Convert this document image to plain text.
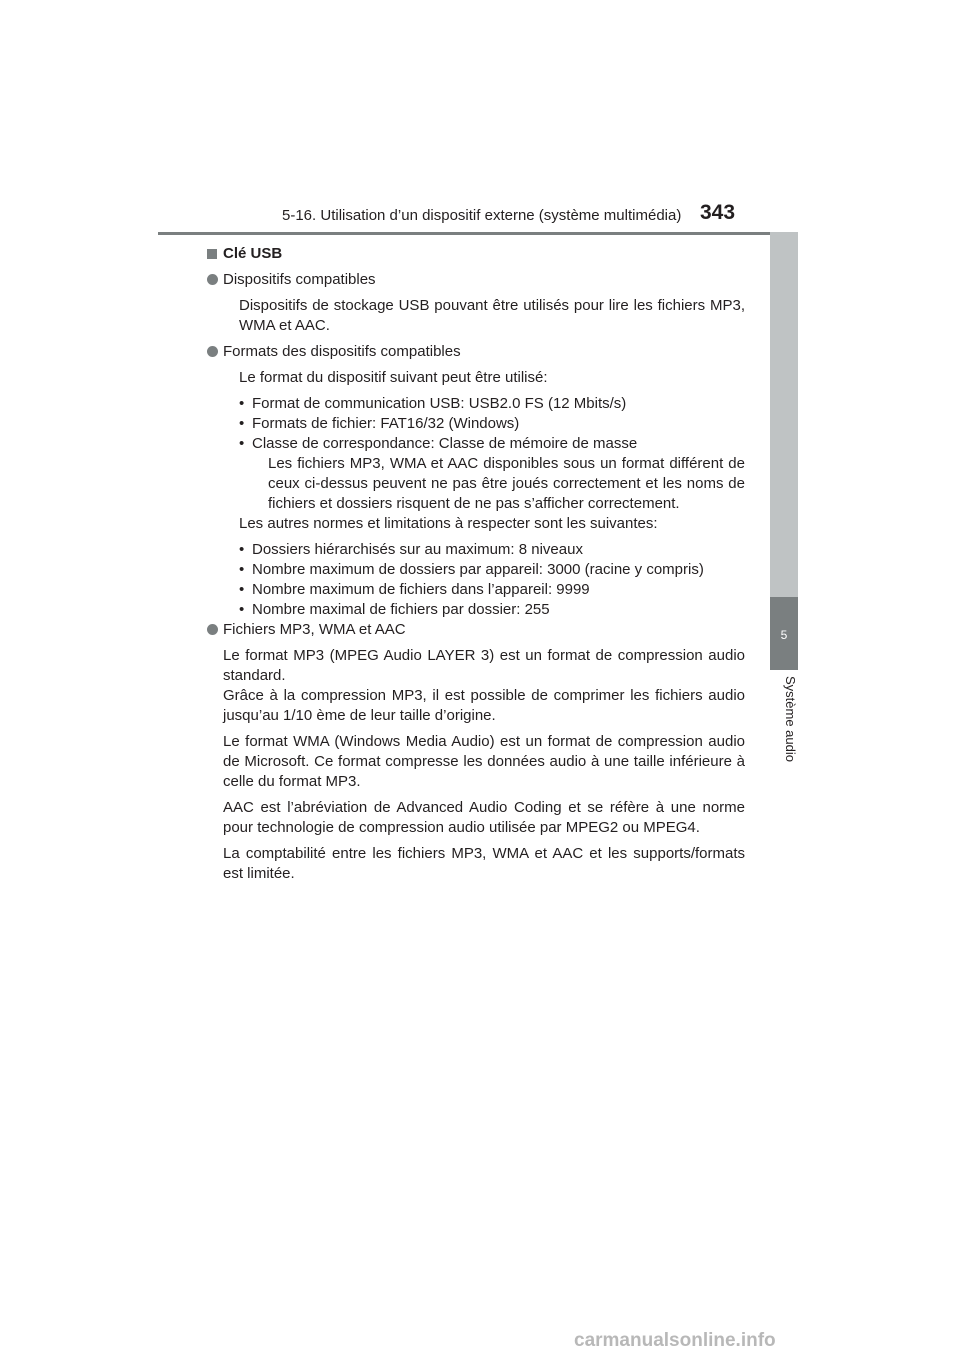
5-16. Utilisation d’un dispositif externe (système multimédia) 343
5
Système audio
Clé USB
Dispositifs compatibles
Dispositifs de stockage USB pouvant être utilisés pour lire les fichiers MP3, WMA et AAC.
Formats des dispositifs compatibles
Le format du dispositif suivant peut être utilisé:
• Format de communication USB: USB2.0 FS (12 Mbits/s)
• Formats de fichier: FAT16/32 (Windows)
• Classe de correspondance: Classe de mémoire de masse
Les fichiers MP3, WMA et AAC disponibles sous un format différent de ceux ci-dessus peuvent ne pas être joués correctement et les noms de fichiers et dossiers risquent de ne pas s’afficher correctement.
Les autres normes et limitations à respecter sont les suivantes:
• Dossiers hiérarchisés sur au maximum: 8 niveaux
• Nombre maximum de dossiers par appareil: 3000 (racine y compris)
• Nombre maximum de fichiers dans l’appareil: 9999
• Nombre maximal de fichiers par dossier: 255
Fichiers MP3, WMA et AAC
Le format MP3 (MPEG Audio LAYER 3) est un format de compression audio standard.
Grâce à la compression MP3, il est possible de comprimer les fichiers audio jusqu’au 1/10 ème de leur taille d’origine.
Le format WMA (Windows Media Audio) est un format de compression audio de Microsoft. Ce format compresse les données audio à une taille inférieure à celle du format MP3.
AAC est l’abréviation de Advanced Audio Coding et se réfère à une norme pour technologie de compression audio utilisée par MPEG2 ou MPEG4.
La comptabilité entre les fichiers MP3, WMA et AAC et les supports/formats est limitée.
carmanualsonline.info
